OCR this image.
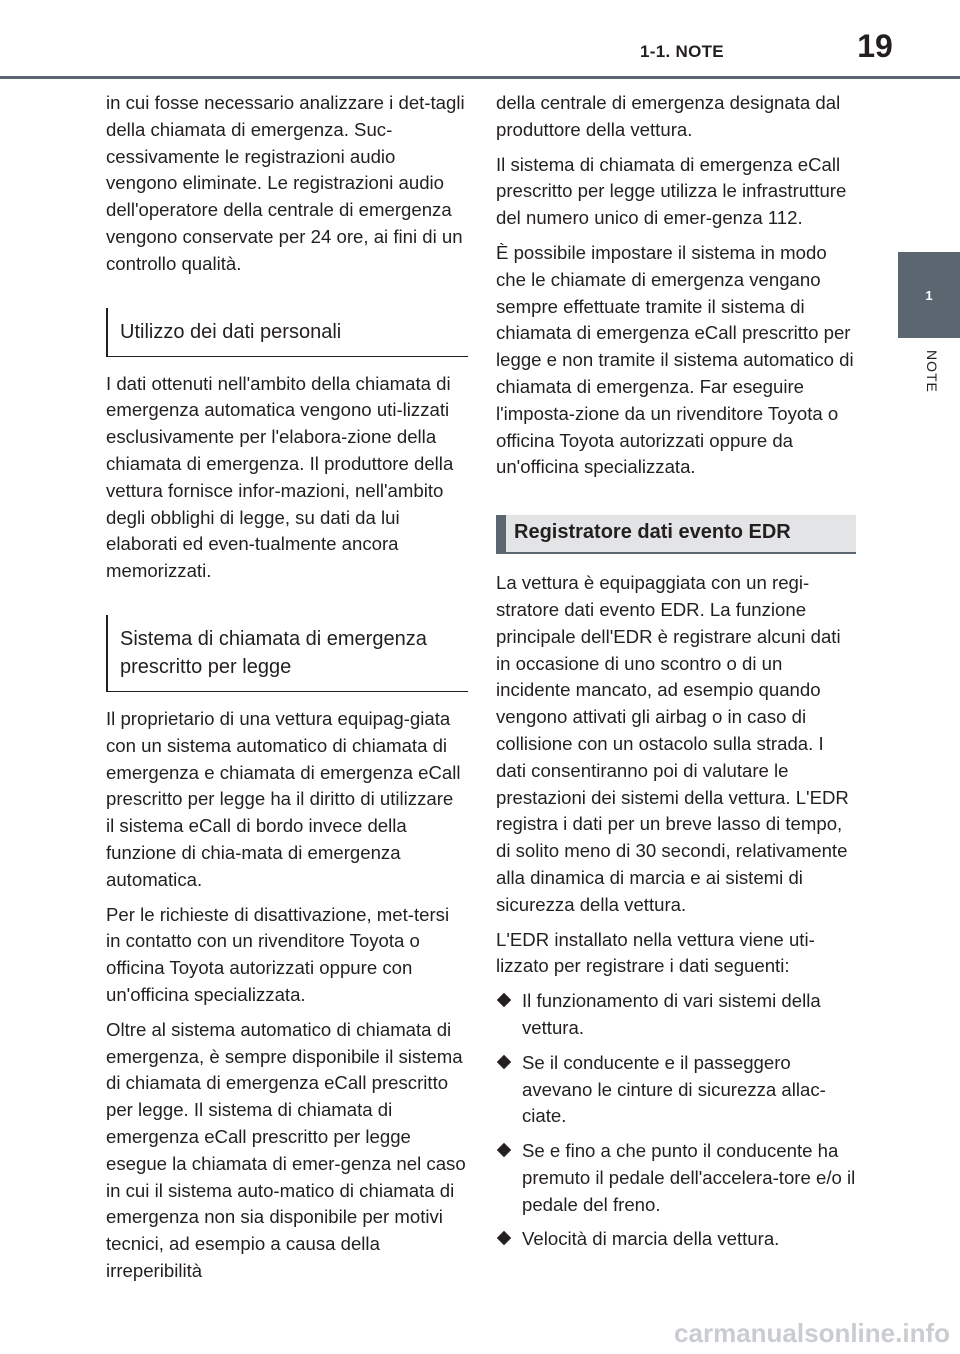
1-1. NOTE	19
1
NOTE

in cui fosse necessario analizzare i det-tagli della chiamata di emergenza. Suc-cessivamente le registrazioni audio vengono eliminate. Le registrazioni audio dell'operatore della centrale di emergenza vengono conservate per 24 ore, ai fini di un controllo qualità.

Utilizzo dei dati personali

I dati ottenuti nell'ambito della chiamata di emergenza automatica vengono uti-lizzati esclusivamente per l'elabora-zione della chiamata di emergenza. Il produttore della vettura fornisce infor-mazioni, nell'ambito degli obblighi di legge, su dati da lui elaborati ed even-tualmente ancora memorizzati.

Sistema di chiamata di emergenza prescritto per legge

Il proprietario di una vettura equipag-giata con un sistema automatico di chiamata di emergenza e chiamata di emergenza eCall prescritto per legge ha il diritto di utilizzare il sistema eCall di bordo invece della funzione di chia-mata di emergenza automatica.

Per le richieste di disattivazione, met-tersi in contatto con un rivenditore Toyota o officina Toyota autorizzati oppure con un'officina specializzata.

Oltre al sistema automatico di chiamata di emergenza, è sempre disponibile il sistema di chiamata di emergenza eCall prescritto per legge. Il sistema di chiamata di emergenza eCall prescritto per legge esegue la chiamata di emer-genza nel caso in cui il sistema auto-matico di chiamata di emergenza non sia disponibile per motivi tecnici, ad esempio a causa della irreperibilità

della centrale di emergenza designata dal produttore della vettura.

Il sistema di chiamata di emergenza eCall prescritto per legge utilizza le infrastrutture del numero unico di emer-genza 112.

È possibile impostare il sistema in modo che le chiamate di emergenza vengano sempre effettuate tramite il sistema di chiamata di emergenza eCall prescritto per legge e non tramite il sistema automatico di chiamata di emergenza. Far eseguire l'imposta-zione da un rivenditore Toyota o officina Toyota autorizzati oppure da un'officina specializzata.

Registratore dati evento EDR

La vettura è equipaggiata con un regi-stratore dati evento EDR. La funzione principale dell'EDR è registrare alcuni dati in occasione di uno scontro o di un incidente mancato, ad esempio quando vengono attivati gli airbag o in caso di collisione con un ostacolo sulla strada. I dati consentiranno poi di valutare le prestazioni dei sistemi della vettura. L'EDR registra i dati per un breve lasso di tempo, di solito meno di 30 secondi, relativamente alla dinamica di marcia e ai sistemi di sicurezza della vettura.

L'EDR installato nella vettura viene uti-lizzato per registrare i dati seguenti:

Il funzionamento di vari sistemi della vettura.
Se il conducente e il passeggero avevano le cinture di sicurezza allac-ciate.
Se e fino a che punto il conducente ha premuto il pedale dell'accelera-tore e/o il pedale del freno.
Velocità di marcia della vettura.
carmanualsonline.info
